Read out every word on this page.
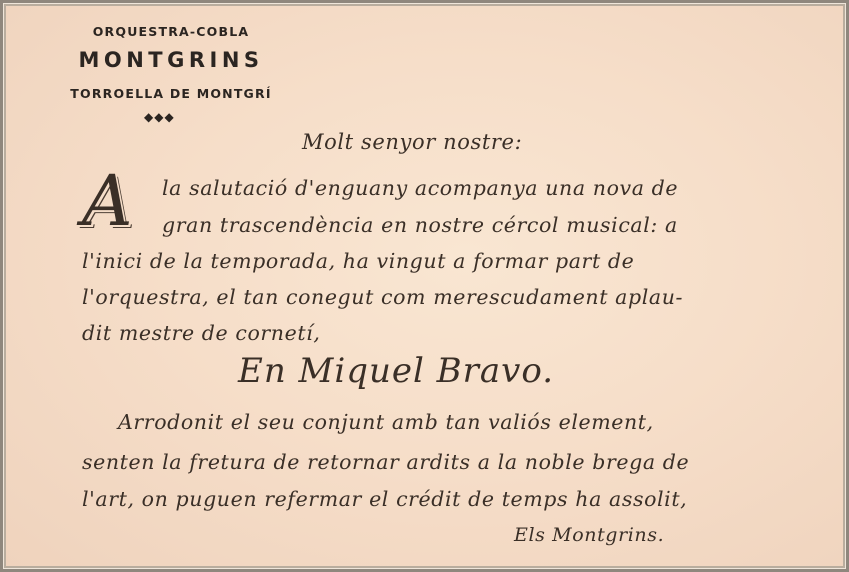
ORQUESTRA-COBLA
MONTGRINS
TORROELLA DE MONTGRÍ
◆◆◆
Molt senyor nostre:
A la salutació d'enguany acompanya una nova de
gran trascendència en nostre cércol musical: a
l'inici de la temporada, ha vingut a formar part de
l'orquestra, el tan conegut com merescudament aplau-
dit mestre de cornetí,
En Miquel Bravo.
Arrodonit el seu conjunt amb tan valiós element,
senten la fretura de retornar ardits a la noble brega de
l'art, on puguen refermar el crédit de temps ha assolit,
Els Montgrins.
